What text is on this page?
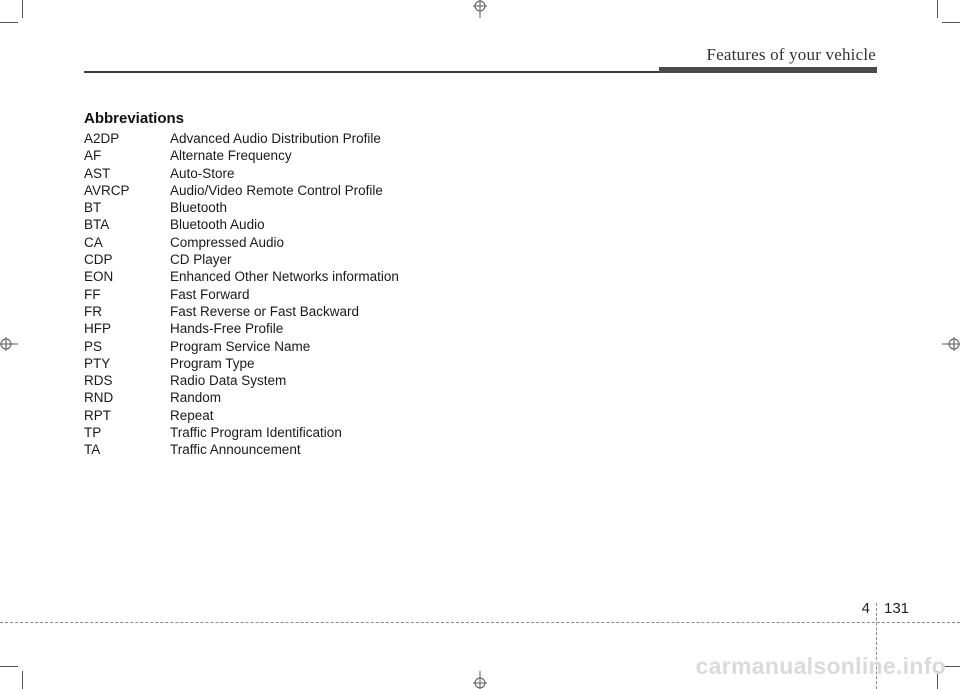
Features of your vehicle
Abbreviations
A2DP	Advanced Audio Distribution Profile
AF	Alternate Frequency
AST	Auto-Store
AVRCP	Audio/Video Remote Control Profile
BT	Bluetooth
BTA	Bluetooth Audio
CA	Compressed Audio
CDP	CD Player
EON	Enhanced Other Networks information
FF	Fast Forward
FR	Fast Reverse or Fast Backward
HFP	Hands-Free Profile
PS	Program Service Name
PTY	Program Type
RDS	Radio Data System
RND	Random
RPT	Repeat
TP	Traffic Program Identification
TA	Traffic Announcement
4 131
carmanualsonline.info
